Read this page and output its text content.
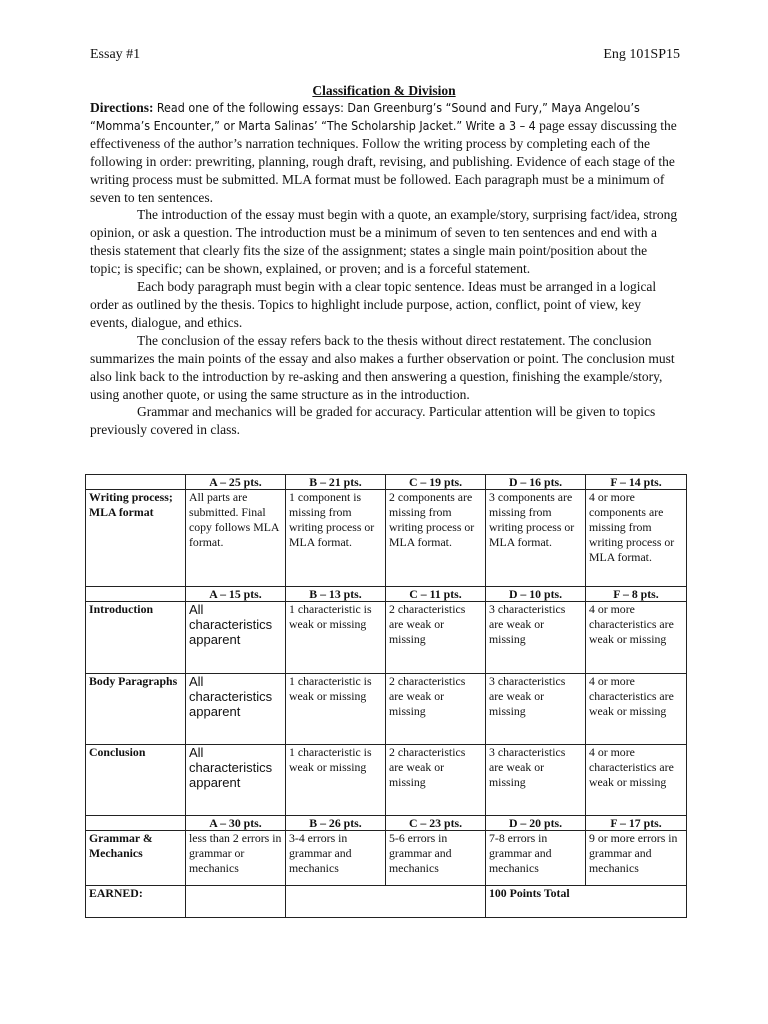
Essay #1	Eng 101SP15
Classification & Division

Directions: Read one of the following essays: Dan Greenburg’s “Sound and Fury,” Maya Angelou’s “Momma’s Encounter,” or Marta Salinas’ “The Scholarship Jacket.” Write a 3 – 4 page essay discussing the effectiveness of the author’s narration techniques. Follow the writing process by completing each of the following in order: prewriting, planning, rough draft, revising, and publishing. Evidence of each stage of the writing process must be submitted. MLA format must be followed. Each paragraph must be a minimum of seven to ten sentences.

The introduction of the essay must begin with a quote, an example/story, surprising fact/idea, strong opinion, or ask a question. The introduction must be a minimum of seven to ten sentences and end with a thesis statement that clearly fits the size of the assignment; states a single main point/position about the topic; is specific; can be shown, explained, or proven; and is a forceful statement.

Each body paragraph must begin with a clear topic sentence. Ideas must be arranged in a logical order as outlined by the thesis. Topics to highlight include purpose, action, conflict, point of view, key events, dialogue, and ethics.

The conclusion of the essay refers back to the thesis without direct restatement. The conclusion summarizes the main points of the essay and also makes a further observation or point. The conclusion must also link back to the introduction by re-asking and then answering a question, finishing the example/story, using another quote, or using the same structure as in the introduction.

Grammar and mechanics will be graded for accuracy. Particular attention will be given to topics previously covered in class.

	A – 25 pts.	B – 21 pts.	C – 19 pts.	D – 16 pts.	F – 14 pts.
Writing process; MLA format	All parts are submitted. Final copy follows MLA format.	1 component is missing from writing process or MLA format.	2 components are missing from writing process or MLA format.	3 components are missing from writing process or MLA format.	4 or more components are missing from writing process or MLA format.
	A – 15 pts.	B – 13 pts.	C – 11 pts.	D – 10 pts.	F – 8 pts.
Introduction	All characteristics apparent	1 characteristic is weak or missing	2 characteristics are weak or missing	3 characteristics are weak or missing	4 or more characteristics are weak or missing
Body Paragraphs	All characteristics apparent	1 characteristic is weak or missing	2 characteristics are weak or missing	3 characteristics are weak or missing	4 or more characteristics are weak or missing
Conclusion	All characteristics apparent	1 characteristic is weak or missing	2 characteristics are weak or missing	3 characteristics are weak or missing	4 or more characteristics are weak or missing
	A – 30 pts.	B – 26 pts.	C – 23 pts.	D – 20 pts.	F – 17 pts.
Grammar & Mechanics	less than 2 errors in grammar or mechanics	3-4 errors in grammar and mechanics	5-6 errors in grammar and mechanics	7-8 errors in grammar and mechanics	9 or more errors in grammar and mechanics
EARNED:				100 Points Total	
